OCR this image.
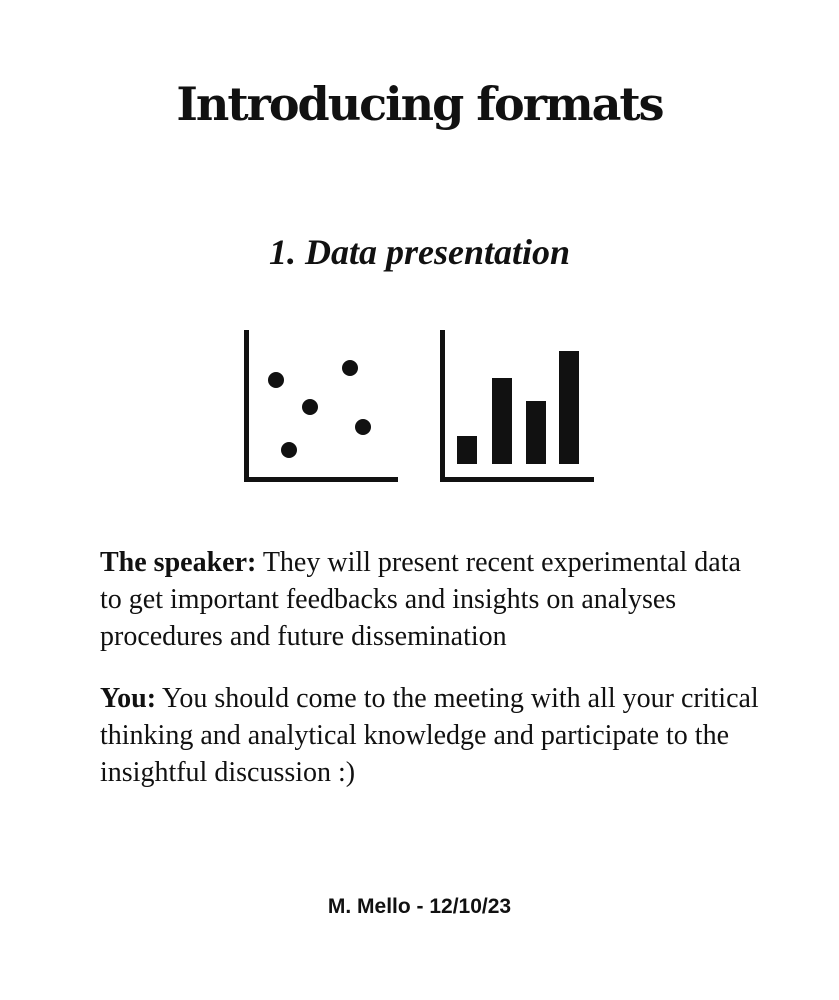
Introducing formats
1. Data presentation

The speaker: They will present recent experimental data to get important feedbacks and insights on analyses procedures and future dissemination

You: You should come to the meeting with all your critical thinking and analytical knowledge and participate to the insightful discussion :)

M. Mello - 12/10/23
